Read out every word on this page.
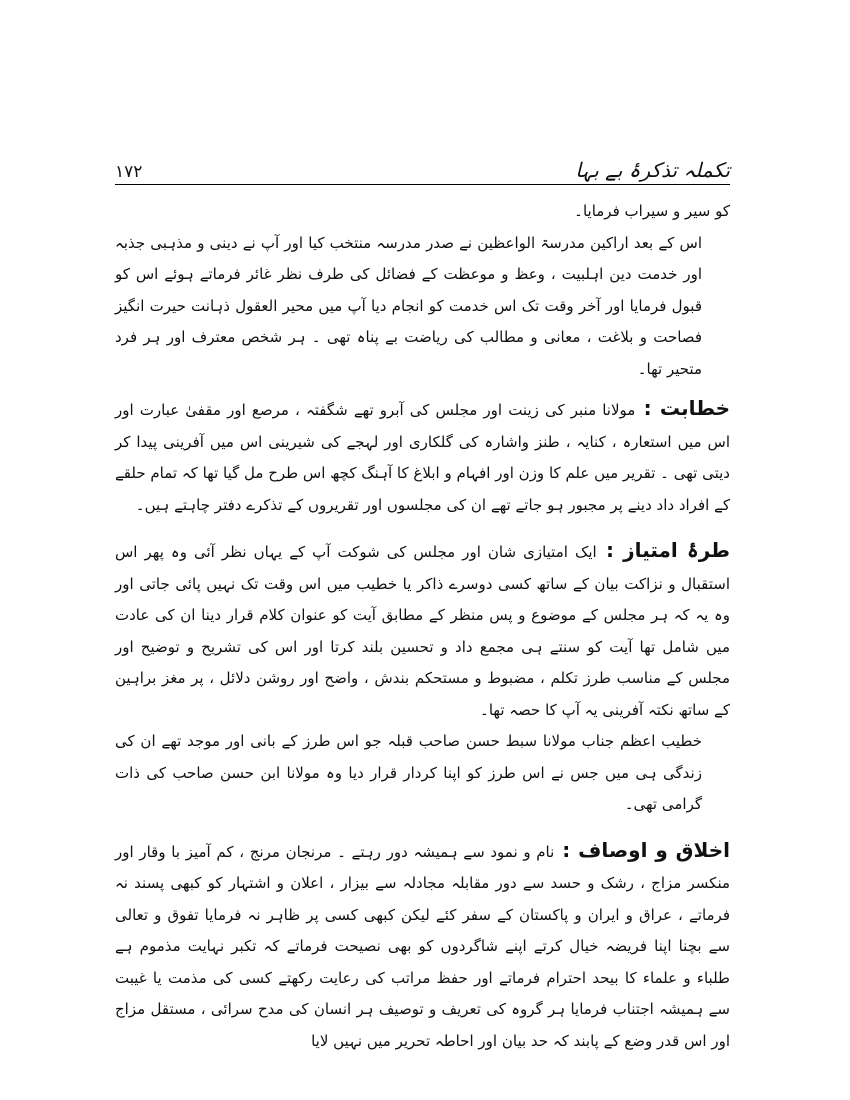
۱۷۲	تکملہ تذکرۂ بے بہا

کو سیر و سیراب فرمایا۔

اس کے بعد اراکین مدرسۃ الواعظین نے صدر مدرسہ منتخب کیا اور آپ نے دینی و مذہبی جذبہ اور خدمت دین اہلبیت ، وعظ و موعظت کے فضائل کی طرف نظر غائر فرماتے ہوئے اس کو قبول فرمایا اور آخر وقت تک اس خدمت کو انجام دیا آپ میں محیر العقول ذہانت حیرت انگیز فصاحت و بلاغت ، معانی و مطالب کی ریاضت بے پناہ تھی ۔ ہر شخص معترف اور ہر فرد متحیر تھا۔

خطابت : مولانا منبر کی زینت اور مجلس کی آبرو تھے شگفتہ ، مرصع اور مقفیٰ عبارت اور اس میں استعارہ ، کنایہ ، طنز واشارہ کی گلکاری اور لہجے کی شیرینی اس میں آفرینی پیدا کر دیتی تھی ۔ تقریر میں علم کا وزن اور افہام و ابلاغ کا آہنگ کچھ اس طرح مل گیا تھا کہ تمام حلقے کے افراد داد دینے پر مجبور ہو جاتے تھے ان کی مجلسوں اور تقریروں کے تذکرے دفتر چاہتے ہیں۔

طرۂ امتیاز : ایک امتیازی شان اور مجلس کی شوکت آپ کے یہاں نظر آئی وہ پھر اس استقبال و نزاکت بیان کے ساتھ کسی دوسرے ذاکر یا خطیب میں اس وقت تک نہیں پائی جاتی اور وہ یہ کہ ہر مجلس کے موضوع و پس منظر کے مطابق آیت کو عنوان کلام قرار دینا ان کی عادت میں شامل تھا آیت کو سنتے ہی مجمع داد و تحسین بلند کرتا اور اس کی تشریح و توضیح اور مجلس کے مناسب طرز تکلم ، مضبوط و مستحکم بندش ، واضح اور روشن دلائل ، پر مغز براہین کے ساتھ نکتہ آفرینی یہ آپ کا حصہ تھا۔

خطیب اعظم جناب مولانا سبط حسن صاحب قبلہ جو اس طرز کے بانی اور موجد تھے ان کی زندگی ہی میں جس نے اس طرز کو اپنا کردار قرار دیا وہ مولانا ابن حسن صاحب کی ذات گرامی تھی۔

اخلاق و اوصاف : نام و نمود سے ہمیشہ دور رہتے ۔ مرنجان مرنج ، کم آمیز با وقار اور منکسر مزاج ، رشک و حسد سے دور مقابلہ مجادلہ سے بیزار ، اعلان و اشتہار کو کبھی پسند نہ فرماتے ، عراق و ایران و پاکستان کے سفر کئے لیکن کبھی کسی پر ظاہر نہ فرمایا تفوق و تعالی سے بچنا اپنا فریضہ خیال کرتے اپنے شاگردوں کو بھی نصیحت فرماتے کہ تکبر نہایت مذموم ہے طلباء و علماء کا بیحد احترام فرماتے اور حفظ مراتب کی رعایت رکھتے کسی کی مذمت یا غیبت سے ہمیشہ اجتناب فرمایا ہر گروہ کی تعریف و توصیف ہر انسان کی مدح سرائی ، مستقل مزاج اور اس قدر وضع کے پابند کہ حد بیان اور احاطہ تحریر میں نہیں لایا
